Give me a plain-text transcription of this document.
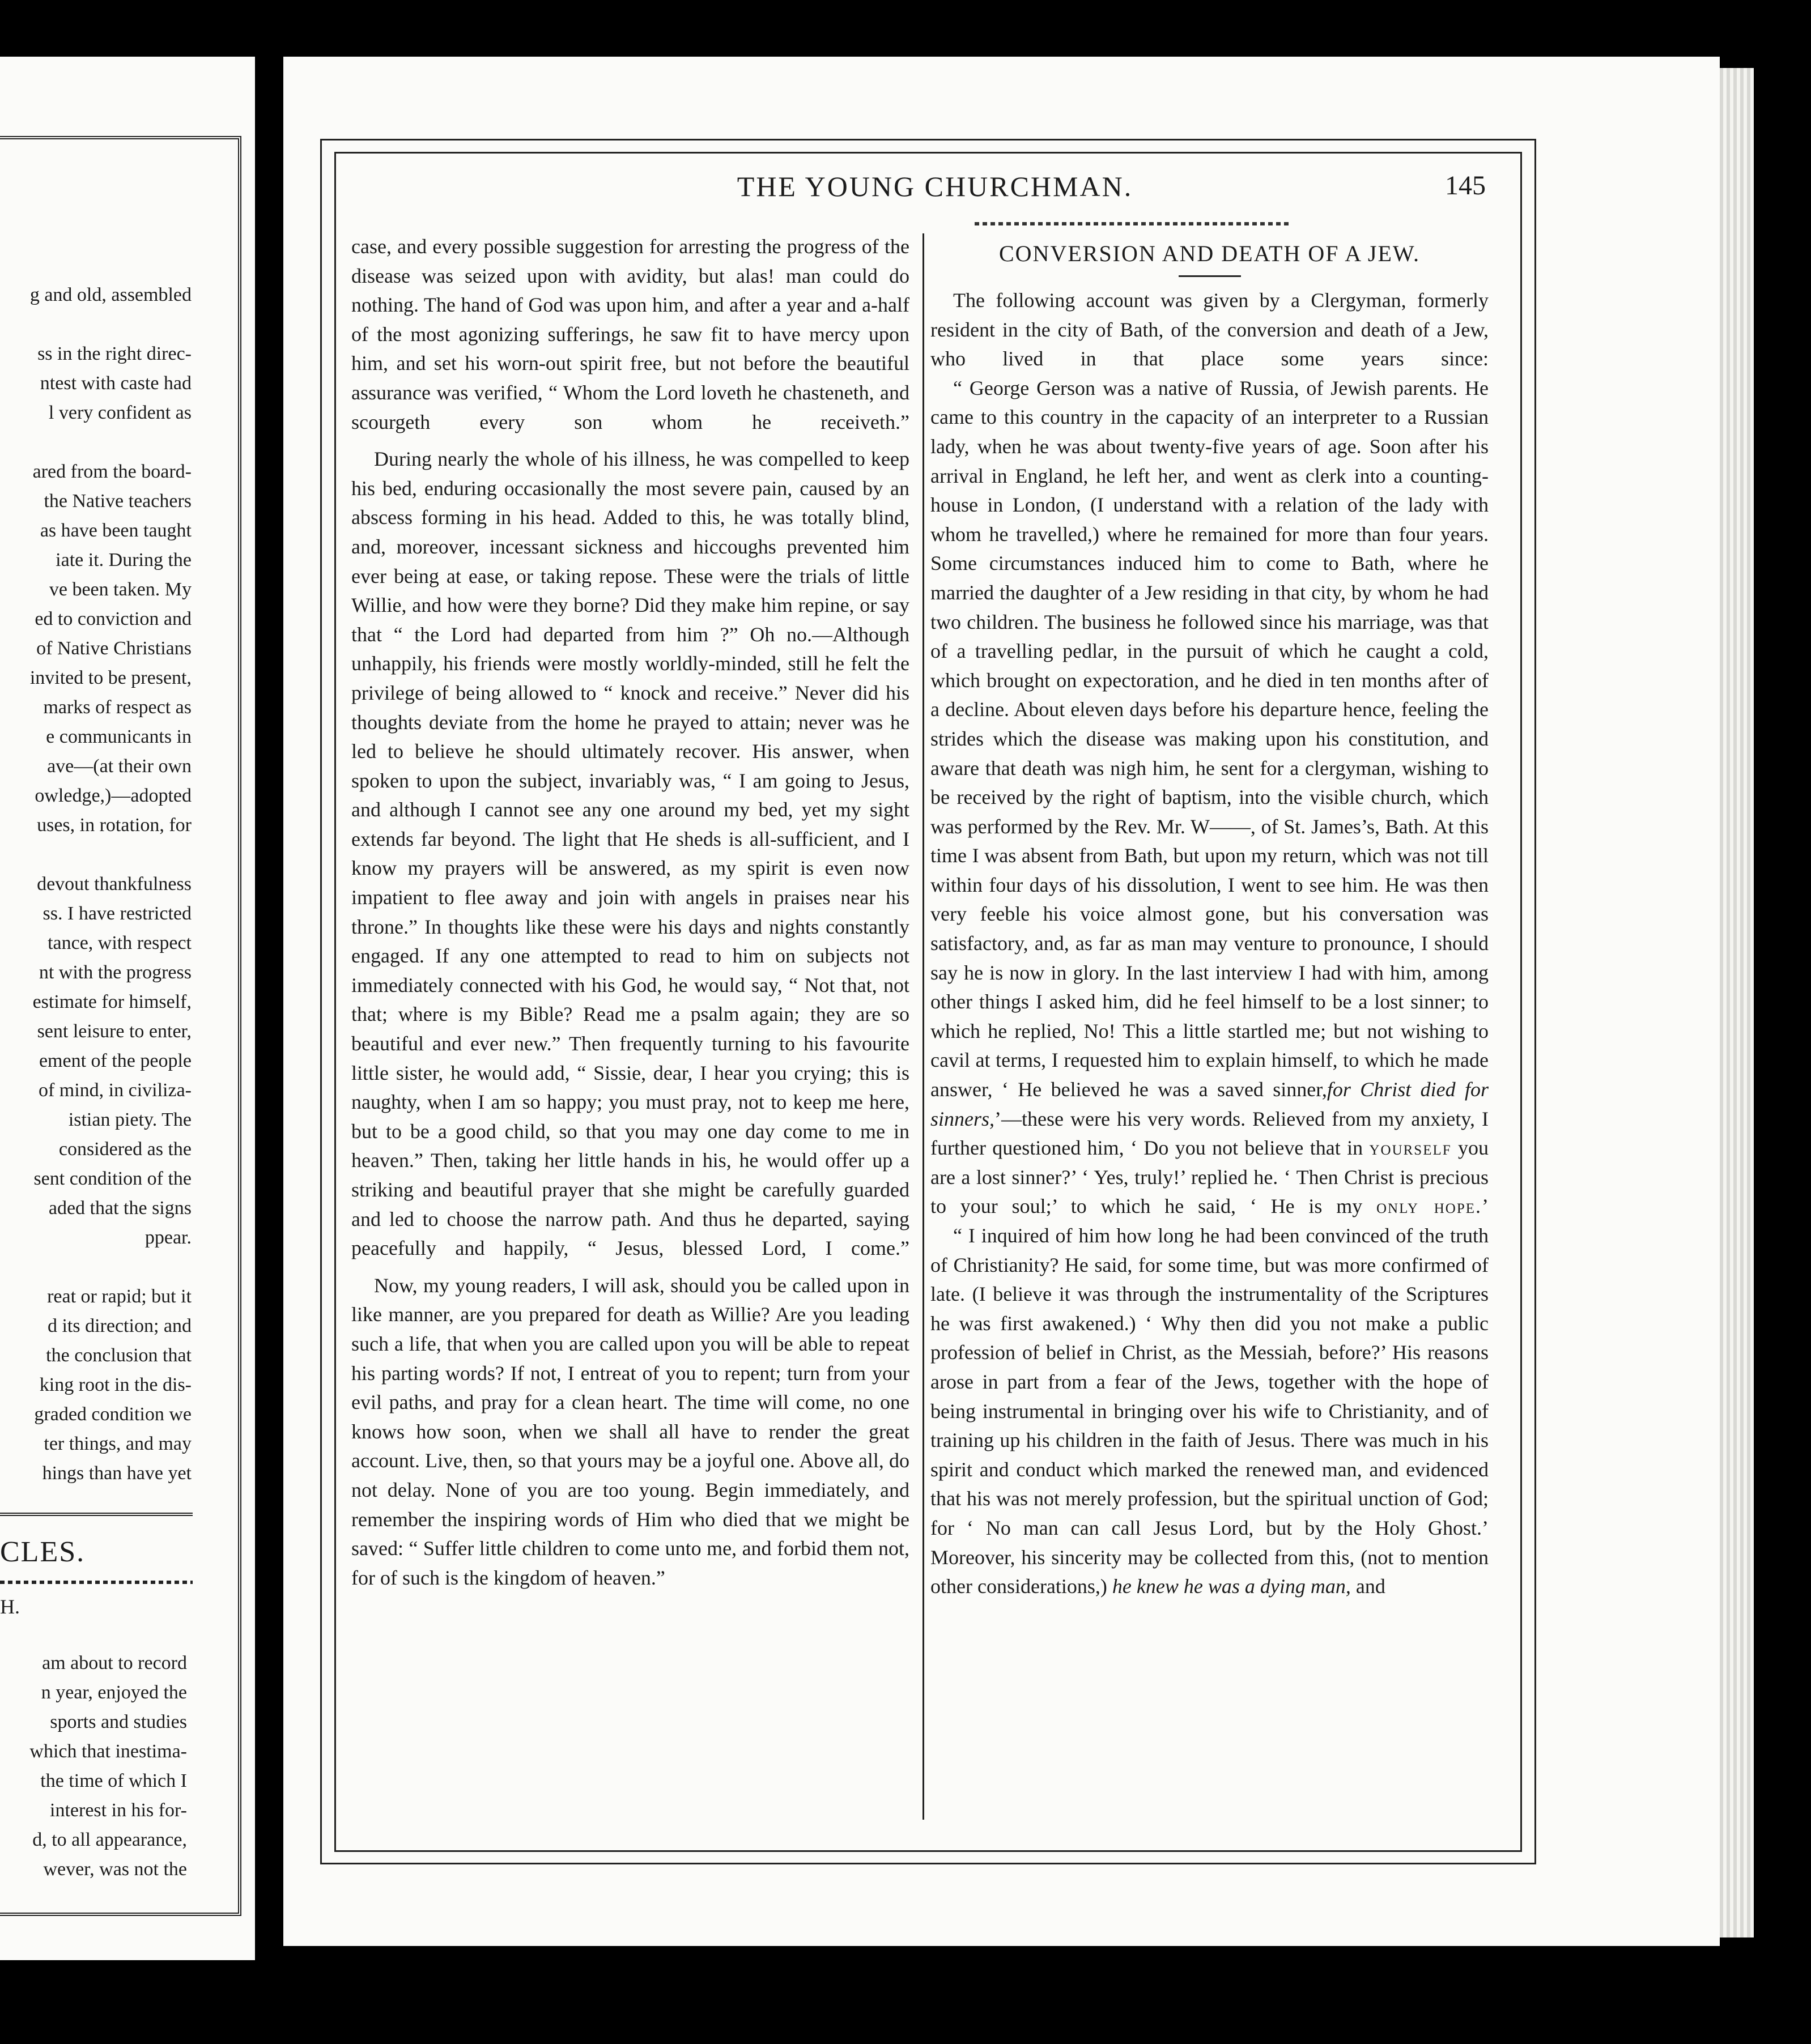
g and old, assembled
ss in the right direc-
ntest with caste had
l very confident as
ared from the board-
the Native teachers
as have been taught
iate it. During the
ve been taken. My
ed to conviction and
of Native Christians
invited to be present,
marks of respect as
e communicants in
ave—(at their own
owledge,)—adopted
uses, in rotation, for
devout thankfulness
ss. I have restricted
tance, with respect
nt with the progress
estimate for himself,
sent leisure to enter,
ement of the people
of mind, in civiliza-
istian piety. The
considered as the
sent condition of the
aded that the signs
ppear.
reat or rapid; but it
d its direction; and
the conclusion that
king root in the dis-
graded condition we
ter things, and may
hings than have yet
CLES.
H.
am about to record
n year, enjoyed the
sports and studies
which that inestima-
the time of which I
interest in his for-
d, to all appearance,
wever, was not the
THE YOUNG CHURCHMAN.	145

case, and every possible suggestion for arresting the progress of the disease was seized upon with avidity, but alas! man could do nothing. The hand of God was upon him, and after a year and a-half of the most agonizing sufferings, he saw fit to have mercy upon him, and set his worn-out spirit free, but not before the beautiful assurance was verified, “ Whom the Lord loveth he chasteneth, and scourgeth every son whom he receiveth.”

During nearly the whole of his illness, he was compelled to keep his bed, enduring occasionally the most severe pain, caused by an abscess forming in his head. Added to this, he was totally blind, and, moreover, incessant sickness and hiccoughs prevented him ever being at ease, or taking repose. These were the trials of little Willie, and how were they borne? Did they make him repine, or say that “ the Lord had departed from him ?” Oh no.—Although unhappily, his friends were mostly worldly-minded, still he felt the privilege of being allowed to “ knock and receive.” Never did his thoughts deviate from the home he prayed to attain; never was he led to believe he should ultimately recover. His answer, when spoken to upon the subject, invariably was, “ I am going to Jesus, and although I cannot see any one around my bed, yet my sight extends far beyond. The light that He sheds is all-sufficient, and I know my prayers will be answered, as my spirit is even now impatient to flee away and join with angels in praises near his throne.” In thoughts like these were his days and nights constantly engaged. If any one attempted to read to him on subjects not immediately connected with his God, he would say, “ Not that, not that; where is my Bible? Read me a psalm again; they are so beautiful and ever new.” Then frequently turning to his favourite little sister, he would add, “ Sissie, dear, I hear you crying; this is naughty, when I am so happy; you must pray, not to keep me here, but to be a good child, so that you may one day come to me in heaven.” Then, taking her little hands in his, he would offer up a striking and beautiful prayer that she might be carefully guarded and led to choose the narrow path. And thus he departed, saying peacefully and happily, “ Jesus, blessed Lord, I come.”

Now, my young readers, I will ask, should you be called upon in like manner, are you prepared for death as Willie? Are you leading such a life, that when you are called upon you will be able to repeat his parting words? If not, I entreat of you to repent; turn from your evil paths, and pray for a clean heart. The time will come, no one knows how soon, when we shall all have to render the great account. Live, then, so that yours may be a joyful one. Above all, do not delay. None of you are too young. Begin immediately, and remember the inspiring words of Him who died that we might be saved: “ Suffer little children to come unto me, and forbid them not, for of such is the kingdom of heaven.”

CONVERSION AND DEATH OF A JEW.

The following account was given by a Clergyman, formerly resident in the city of Bath, of the conversion and death of a Jew, who lived in that place some years since:

“ George Gerson was a native of Russia, of Jewish parents. He came to this country in the capacity of an interpreter to a Russian lady, when he was about twenty-five years of age. Soon after his arrival in England, he left her, and went as clerk into a counting-house in London, (I understand with a relation of the lady with whom he travelled,) where he remained for more than four years. Some circumstances induced him to come to Bath, where he married the daughter of a Jew residing in that city, by whom he had two children. The business he followed since his marriage, was that of a travelling pedlar, in the pursuit of which he caught a cold, which brought on expectoration, and he died in ten months after of a decline. About eleven days before his departure hence, feeling the strides which the disease was making upon his constitution, and aware that death was nigh him, he sent for a clergyman, wishing to be received by the right of baptism, into the visible church, which was performed by the Rev. Mr. W——, of St. James’s, Bath. At this time I was absent from Bath, but upon my return, which was not till within four days of his dissolution, I went to see him. He was then very feeble his voice almost gone, but his conversation was satisfactory, and, as far as man may venture to pronounce, I should say he is now in glory. In the last interview I had with him, among other things I asked him, did he feel himself to be a lost sinner; to which he replied, No! This a little startled me; but not wishing to cavil at terms, I requested him to explain himself, to which he made answer, ‘ He believed he was a saved sinner,for Christ died for sinners,’—these were his very words. Relieved from my anxiety, I further questioned him, ‘ Do you not believe that in yourself you are a lost sinner?’ ‘ Yes, truly!’ replied he. ‘ Then Christ is precious to your soul;’ to which he said, ‘ He is my only hope.’

“ I inquired of him how long he had been convinced of the truth of Christianity? He said, for some time, but was more confirmed of late. (I believe it was through the instrumentality of the Scriptures he was first awakened.) ‘ Why then did you not make a public profession of belief in Christ, as the Messiah, before?’ His reasons arose in part from a fear of the Jews, together with the hope of being instrumental in bringing over his wife to Christianity, and of training up his children in the faith of Jesus. There was much in his spirit and conduct which marked the renewed man, and evidenced that his was not merely profession, but the spiritual unction of God; for ‘ No man can call Jesus Lord, but by the Holy Ghost.’ Moreover, his sincerity may be collected from this, (not to mention other considerations,) he knew he was a dying man, and
